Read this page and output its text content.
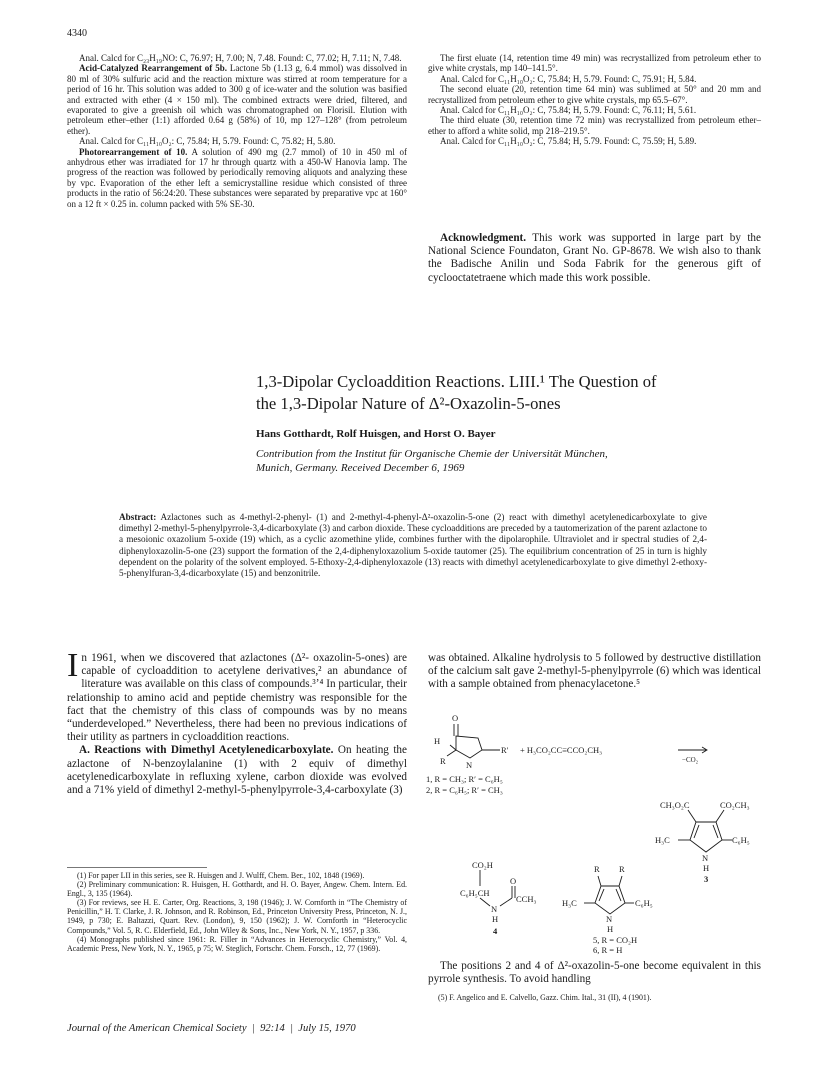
4340

Anal. Calcd for C₂₃H₁₉NO: C, 76.97; H, 7.00; N, 7.48. Found: C, 77.02; H, 7.11; N, 7.48.

Acid-Catalyzed Rearrangement of 5b. Lactone 5b (1.13 g, 6.4 mmol) was dissolved in 80 ml of 30% sulfuric acid and the reaction mixture was stirred at room temperature for a period of 16 hr. This solution was added to 300 g of ice-water and the solution was basified and extracted with ether (4 × 150 ml). The combined extracts were dried, filtered, and evaporated to give a greenish oil which was chromatographed on Florisil. Elution with petroleum ether–ether (1:1) afforded 0.64 g (58%) of 10, mp 127–128° (from petroleum ether).

Anal. Calcd for C₁₁H₁₀O₂: C, 75.84; H, 5.79. Found: C, 75.82; H, 5.80.

Photorearrangement of 10. A solution of 490 mg (2.7 mmol) of 10 in 450 ml of anhydrous ether was irradiated for 17 hr through quartz with a 450-W Hanovia lamp. The progress of the reaction was followed by periodically removing aliquots and analyzing these by vpc. Evaporation of the ether left a semicrystalline residue which consisted of three products in the ratio of 56:24:20. These substances were separated by preparative vpc at 160° on a 12 ft × 0.25 in. column packed with 5% SE-30.

The first eluate (14, retention time 49 min) was recrystallized from petroleum ether to give white crystals, mp 140–141.5°.

Anal. Calcd for C₁₁H₁₀O₂: C, 75.84; H, 5.79. Found: C, 75.91; H, 5.84.

The second eluate (20, retention time 64 min) was sublimed at 50° and 20 mm and recrystallized from petroleum ether to give white crystals, mp 65.5–67°.

Anal. Calcd for C₁₁H₁₀O₂: C, 75.84; H, 5.79. Found: C, 76.11; H, 5.61.

The third eluate (30, retention time 72 min) was recrystallized from petroleum ether–ether to afford a white solid, mp 218–219.5°.

Anal. Calcd for C₁₁H₁₀O₂: C, 75.84; H, 5.79. Found: C, 75.59; H, 5.89.

Acknowledgment. This work was supported in large part by the National Science Foundaton, Grant No. GP-8678. We wish also to thank the Badische Anilin und Soda Fabrik for the generous gift of cyclooctatetraene which made this work possible.

1,3-Dipolar Cycloaddition Reactions. LIII.¹ The Question of
the 1,3-Dipolar Nature of Δ²-Oxazolin-5-ones
Hans Gotthardt, Rolf Huisgen, and Horst O. Bayer
Contribution from the Institut für Organische Chemie der Universität München,
Munich, Germany. Received December 6, 1969
Abstract: Azlactones such as 4-methyl-2-phenyl- (1) and 2-methyl-4-phenyl-Δ²-oxazolin-5-one (2) react with dimethyl acetylenedicarboxylate to give dimethyl 2-methyl-5-phenylpyrrole-3,4-dicarboxylate (3) and carbon dioxide. These cycloadditions are preceded by a tautomerization of the parent azlactone to a mesoionic oxazolium 5-oxide (19) which, as a cyclic azomethine ylide, combines further with the dipolarophile. Ultraviolet and ir spectral studies of 2,4-diphenyloxazolin-5-one (23) support the formation of the 2,4-diphenyloxazolium 5-oxide tautomer (25). The equilibrium concentration of 25 in turn is highly dependent on the polarity of the solvent employed. 5-Ethoxy-2,4-diphenyloxazole (13) reacts with dimethyl acetylenedicarboxylate to give dimethyl 2-ethoxy-5-phenylfuran-3,4-dicarboxylate (15) and benzonitrile.

In 1961, when we discovered that azlactones (Δ²- oxazolin-5-ones) are capable of cycloaddition to acetylene derivatives,² an abundance of literature was available on this class of compounds.³ʼ⁴ In particular, their relationship to amino acid and peptide chemistry was responsible for the fact that the chemistry of this class of compounds was by no means “underdeveloped.” Nevertheless, there had been no previous indications of their utility as partners in cycloaddition reactions.

A. Reactions with Dimethyl Acetylenedicarboxylate. On heating the azlactone of N-benzoylalanine (1) with 2 equiv of dimethyl acetylenedicarboxylate in refluxing xylene, carbon dioxide was evolved and a 71% yield of dimethyl 2-methyl-5-phenylpyrrole-3,4-carboxylate (3)

(1) For paper LII in this series, see R. Huisgen and J. Wulff, Chem. Ber., 102, 1848 (1969).

(2) Preliminary communication: R. Huisgen, H. Gotthardt, and H. O. Bayer, Angew. Chem. Intern. Ed. Engl., 3, 135 (1964).

(3) For reviews, see H. E. Carter, Org. Reactions, 3, 198 (1946); J. W. Cornforth in “The Chemistry of Penicillin,” H. T. Clarke, J. R. Johnson, and R. Robinson, Ed., Princeton University Press, Princeton, N. J., 1949, p 730; E. Baltazzi, Quart. Rev. (London), 9, 150 (1962); J. W. Cornforth in “Heterocyclic Compounds,” Vol. 5, R. C. Elderfield, Ed., John Wiley & Sons, Inc., New York, N. Y., 1957, p 336.

(4) Monographs published since 1961: R. Filler in “Advances in Heterocyclic Chemistry,” Vol. 4, Academic Press, New York, N. Y., 1965, p 75; W. Steglich, Fortschr. Chem. Forsch., 12, 77 (1969).

was obtained. Alkaline hydrolysis to 5 followed by destructive distillation of the calcium salt gave 2-methyl-5-phenylpyrrole (6) which was identical with a sample obtained from phenacylacetone.⁵

O
H
R N
R′ + H₃CO₂CC≡CCO₂CH₃
−CO₂
1, R = CH₃; R′ = C₆H₅
2, R = C₆H₅; R′ = CH₃
CH₃O₂C	CO₂CH₃
H₃C	C₆H₅
N
H
3
CO₂H
C₆H₅CH
O
CCH₃
N
H
4
R R
H₃C	C₆H₅
N
H
5, R = CO₂H
6, R = H

The positions 2 and 4 of Δ²-oxazolin-5-one become equivalent in this pyrrole synthesis. To avoid handling

(5) F. Angelico and E. Calvello, Gazz. Chim. Ital., 31 (II), 4 (1901).
Journal of the American Chemical Society  |  92:14  |  July 15, 1970
